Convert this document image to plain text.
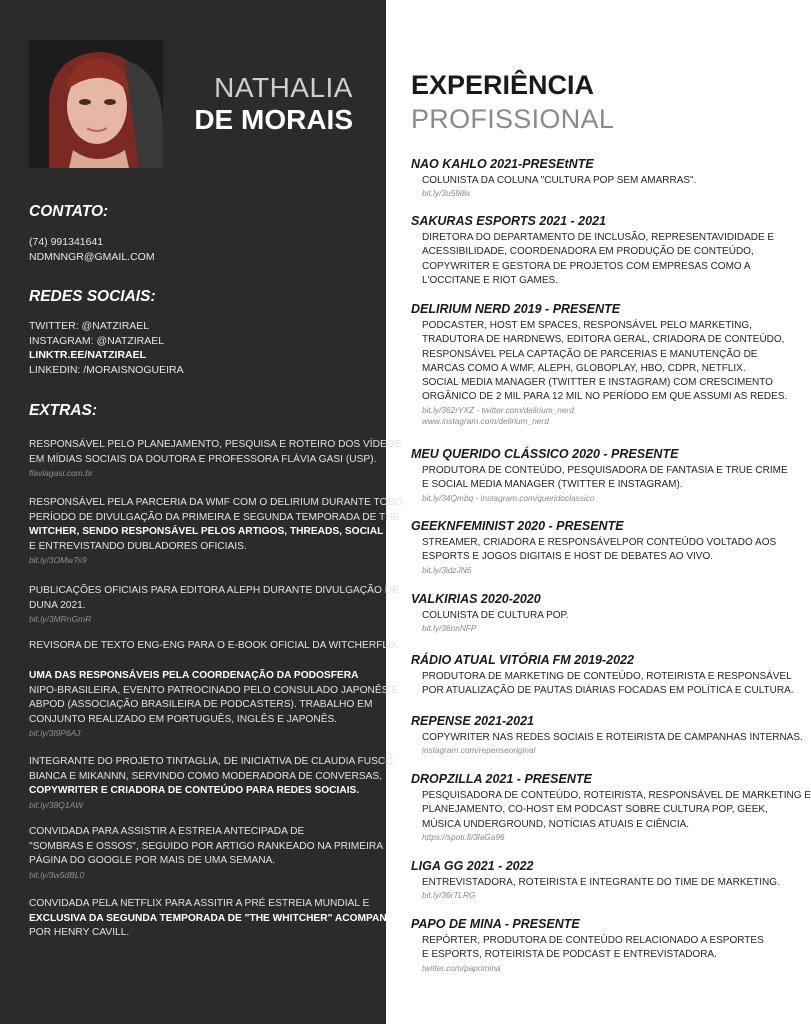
NATHALIA
DE MORAIS
CONTATO:
(74) 991341641
NDMNNGR@GMAIL.COM
REDES SOCIAIS:
TWITTER: @NATZIRAEL
INSTAGRAM: @NATZIRAEL
LINKTR.EE/NATZIRAEL
LINKEDIN: /MORAISNOGUEIRA
EXTRAS:
RESPONSÁVEL PELO PLANEJAMENTO, PESQUISA E ROTEIRO DOS VÍDEOS
EM MÍDIAS SOCIAIS DA DOUTORA E PROFESSORA FLÁVIA GASI (USP).
flaviagasi.com.br
RESPONSÁVEL PELA PARCERIA DA WMF COM O DELIRIUM DURANTE TODO
PERÍODO DE DIVULGAÇÃO DA PRIMEIRA E SEGUNDA TEMPORADA DE THE
WITCHER, SENDO RESPONSÁVEL PELOS ARTIGOS, THREADS, SOCIAL MEDIA
E ENTREVISTANDO DUBLADORES OFICIAIS.
bit.ly/3OMwTs9
PUBLICAÇÕES OFICIAIS PARA EDITORA ALEPH DURANTE DIVULGAÇÃO DE
DUNA 2021.
bit.ly/3MRnGmR
REVISORA DE TEXTO ENG-ENG PARA O E-BOOK OFICIAL DA WITCHERFLIX.
UMA DAS RESPONSÁVEIS PELA COORDENAÇÃO DA PODOSFERA
NIPO-BRASILEIRA, EVENTO PATROCINADO PELO CONSULADO JAPONÊS E
ABPOD (ASSOCIAÇÃO BRASILEIRA DE PODCASTERS). TRABALHO EM
CONJUNTO REALIZADO EM PORTUGUÊS, INGLÊS E JAPONÊS.
bit.ly/3l9P6AJ
INTEGRANTE DO PROJETO TINTAGLIA, DE INICIATIVA DE CLAUDIA FUSCO,
BIANCA E MIKANNN, SERVINDO COMO MODERADORA DE CONVERSAS,
COPYWRITER E CRIADORA DE CONTEÚDO PARA REDES SOCIAIS.
bit.ly/38Q1AW
CONVIDADA PARA ASSISTIR A ESTREIA ANTECIPADA DE
"SOMBRAS E OSSOS", SEGUIDO POR ARTIGO RANKEADO NA PRIMEIRA
PÁGINA DO GOOGLE POR MAIS DE UMA SEMANA.
bit.ly/3w5dBL0
CONVIDADA PELA NETFLIX PARA ASSITIR A PRÉ ESTREIA MUNDIAL E
EXCLUSIVA DA SEGUNDA TEMPORADA DE "THE WHITCHER" ACOMPANHADA
POR HENRY CAVILL.
EXPERIÊNCIA
PROFISSIONAL
NAO KAHLO 2021-PRESEtNTE
COLUNISTA DA COLUNA "CULTURA POP SEM AMARRAS".
bit.ly/3u59i8x
SAKURAS ESPORTS 2021 - 2021
DIRETORA DO DEPARTAMENTO DE INCLUSÃO, REPRESENTAVIDIDADE E
ACESSIBILIDADE, COORDENADORA EM PRODUÇÃO DE CONTEÚDO,
COPYWRITER E GESTORA DE PROJETOS COM EMPRESAS COMO A
L'OCCITANE E RIOT GAMES.
DELIRIUM NERD 2019 - PRESENTE
PODCASTER, HOST EM SPACES, RESPONSÁVEL PELO MARKETING,
TRADUTORA DE HARDNEWS, EDITORA GERAL, CRIADORA DE CONTEÚDO,
RESPONSÁVEL PELA CAPTAÇÃO DE PARCERIAS E MANUTENÇÃO DE
MARCAS COMO A WMF, ALEPH, GLOBOPLAY, HBO, CDPR, NETFLIX.
SOCIAL MEDIA MANAGER (TWITTER E INSTAGRAM) COM CRESCIMENTO
ORGÂNICO DE 2 MIL PARA 12 MIL NO PERÍODO EM QUE ASSUMI AS REDES.
bit.ly/362rYXZ - twitter.com/delirium_nerd
www.instagram.com/delirium_nerd
MEU QUERIDO CLÁSSICO 2020 - PRESENTE
PRODUTORA DE CONTEÚDO, PESQUISADORA DE FANTASIA E TRUE CRIME
E SOCIAL MEDIA MANAGER (TWITTER E INSTAGRAM).
bit.ly/34Qmbq - instagram.com/queridoclassico
GEEKNFEMINIST 2020 - PRESENTE
STREAMER, CRIADORA E RESPONSÁVELPOR CONTEÚDO VOLTADO AOS
ESPORTS E JOGOS DIGITAIS E HOST DE DEBATES AO VIVO.
bit.ly/3idzJN6
VALKIRIAS 2020-2020
COLUNISTA DE CULTURA POP.
bit.ly/36nnNFP
RÁDIO ATUAL VITÓRIA FM 2019-2022
PRODUTORA DE MARKETING DE CONTEÚDO, ROTEIRISTA E RESPONSÁVEL
POR ATUALIZAÇÃO DE PAUTAS DIÁRIAS FOCADAS EM POLÍTICA E CULTURA.
REPENSE 2021-2021
COPYWRITER NAS REDES SOCIAIS E ROTEIRISTA DE CAMPANHAS INTERNAS.
instagram.com/repenseoriginal
DROPZILLA 2021 - PRESENTE
PESQUISADORA DE CONTEÚDO, ROTEIRISTA, RESPONSÁVEL DE MARKETING E
PLANEJAMENTO, CO-HOST EM PODCAST SOBRE CULTURA POP, GEEK,
MÚSICA UNDERGROUND, NOTÍCIAS ATUAIS E CIÊNCIA.
https://spoti.fi/3laGa96
LIGA GG 2021 - 2022
ENTREVISTADORA, ROTEIRISTA E INTEGRANTE DO TIME DE MARKETING.
bit.ly/36rTLRG
PAPO DE MINA - PRESENTE
REPÓRTER, PRODUTORA DE CONTEÚDO RELACIONADO A ESPORTES
E ESPORTS, ROTEIRISTA DE PODCAST E ENTREVISTADORA.
twitter.com/papomina
